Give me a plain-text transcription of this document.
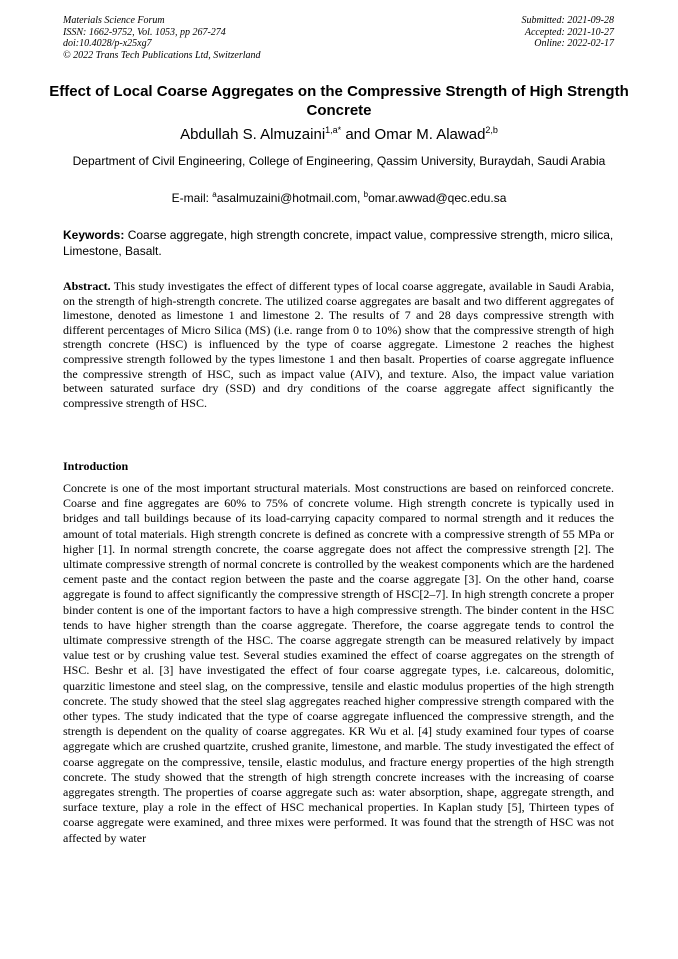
Materials Science Forum
ISSN: 1662-9752, Vol. 1053, pp 267-274
doi:10.4028/p-x25xg7
© 2022 Trans Tech Publications Ltd, Switzerland
Submitted: 2021-09-28
Accepted: 2021-10-27
Online: 2022-02-17
Effect of Local Coarse Aggregates on the Compressive Strength of High Strength Concrete
Abdullah S. Almuzaini$^{1,a*}$ and Omar M. Alawad$^{2,b}$
Department of Civil Engineering, College of Engineering, Qassim University, Buraydah, Saudi Arabia
E-mail: $^a$asalmuzaini@hotmail.com, $^b$omar.awwad@qec.edu.sa
Keywords: Coarse aggregate, high strength concrete, impact value, compressive strength, micro silica, Limestone, Basalt.
Abstract. This study investigates the effect of different types of local coarse aggregate, available in Saudi Arabia, on the strength of high-strength concrete. The utilized coarse aggregates are basalt and two different aggregates of limestone, denoted as limestone 1 and limestone 2. The results of 7 and 28 days compressive strength with different percentages of Micro Silica (MS) (i.e. range from 0 to 10%) show that the compressive strength of high strength concrete (HSC) is influenced by the type of coarse aggregate. Limestone 2 reaches the highest compressive strength followed by the types limestone 1 and then basalt. Properties of coarse aggregate influence the compressive strength of HSC, such as impact value (AIV), and texture. Also, the impact value variation between saturated surface dry (SSD) and dry conditions of the coarse aggregate affect significantly the compressive strength of HSC.
Introduction
Concrete is one of the most important structural materials. Most constructions are based on reinforced concrete. Coarse and fine aggregates are 60% to 75% of concrete volume. High strength concrete is typically used in bridges and tall buildings because of its load-carrying capacity compared to normal strength and it reduces the amount of total materials. High strength concrete is defined as concrete with a compressive strength of 55 MPa or higher [1]. In normal strength concrete, the coarse aggregate does not affect the compressive strength [2]. The ultimate compressive strength of normal concrete is controlled by the weakest components which are the hardened cement paste and the contact region between the paste and the coarse aggregate [3]. On the other hand, coarse aggregate is found to affect significantly the compressive strength of HSC[2–7]. In high strength concrete a proper binder content is one of the important factors to have a high compressive strength. The binder content in the HSC tends to have higher strength than the coarse aggregate. Therefore, the coarse aggregate tends to control the ultimate compressive strength of the HSC. The coarse aggregate strength can be measured relatively by impact value test or by crushing value test. Several studies examined the effect of coarse aggregates on the strength of HSC. Beshr et al. [3] have investigated the effect of four coarse aggregate types, i.e. calcareous, dolomitic, quarzitic limestone and steel slag, on the compressive, tensile and elastic modulus properties of the high strength concrete. The study showed that the steel slag aggregates reached higher compressive strength compared with the other types. The study indicated that the type of coarse aggregate influenced the compressive strength, and the strength is dependent on the quality of coarse aggregates. KR Wu et al. [4] study examined four types of coarse aggregate which are crushed quartzite, crushed granite, limestone, and marble. The study investigated the effect of coarse aggregate on the compressive, tensile, elastic modulus, and fracture energy properties of the high strength concrete. The study showed that the strength of high strength concrete increases with the increasing of coarse aggregates strength. The properties of coarse aggregate such as: water absorption, shape, aggregate strength, and surface texture, play a role in the effect of HSC mechanical properties. In Kaplan study [5], Thirteen types of coarse aggregate were examined, and three mixes were performed. It was found that the strength of HSC was not affected by water
